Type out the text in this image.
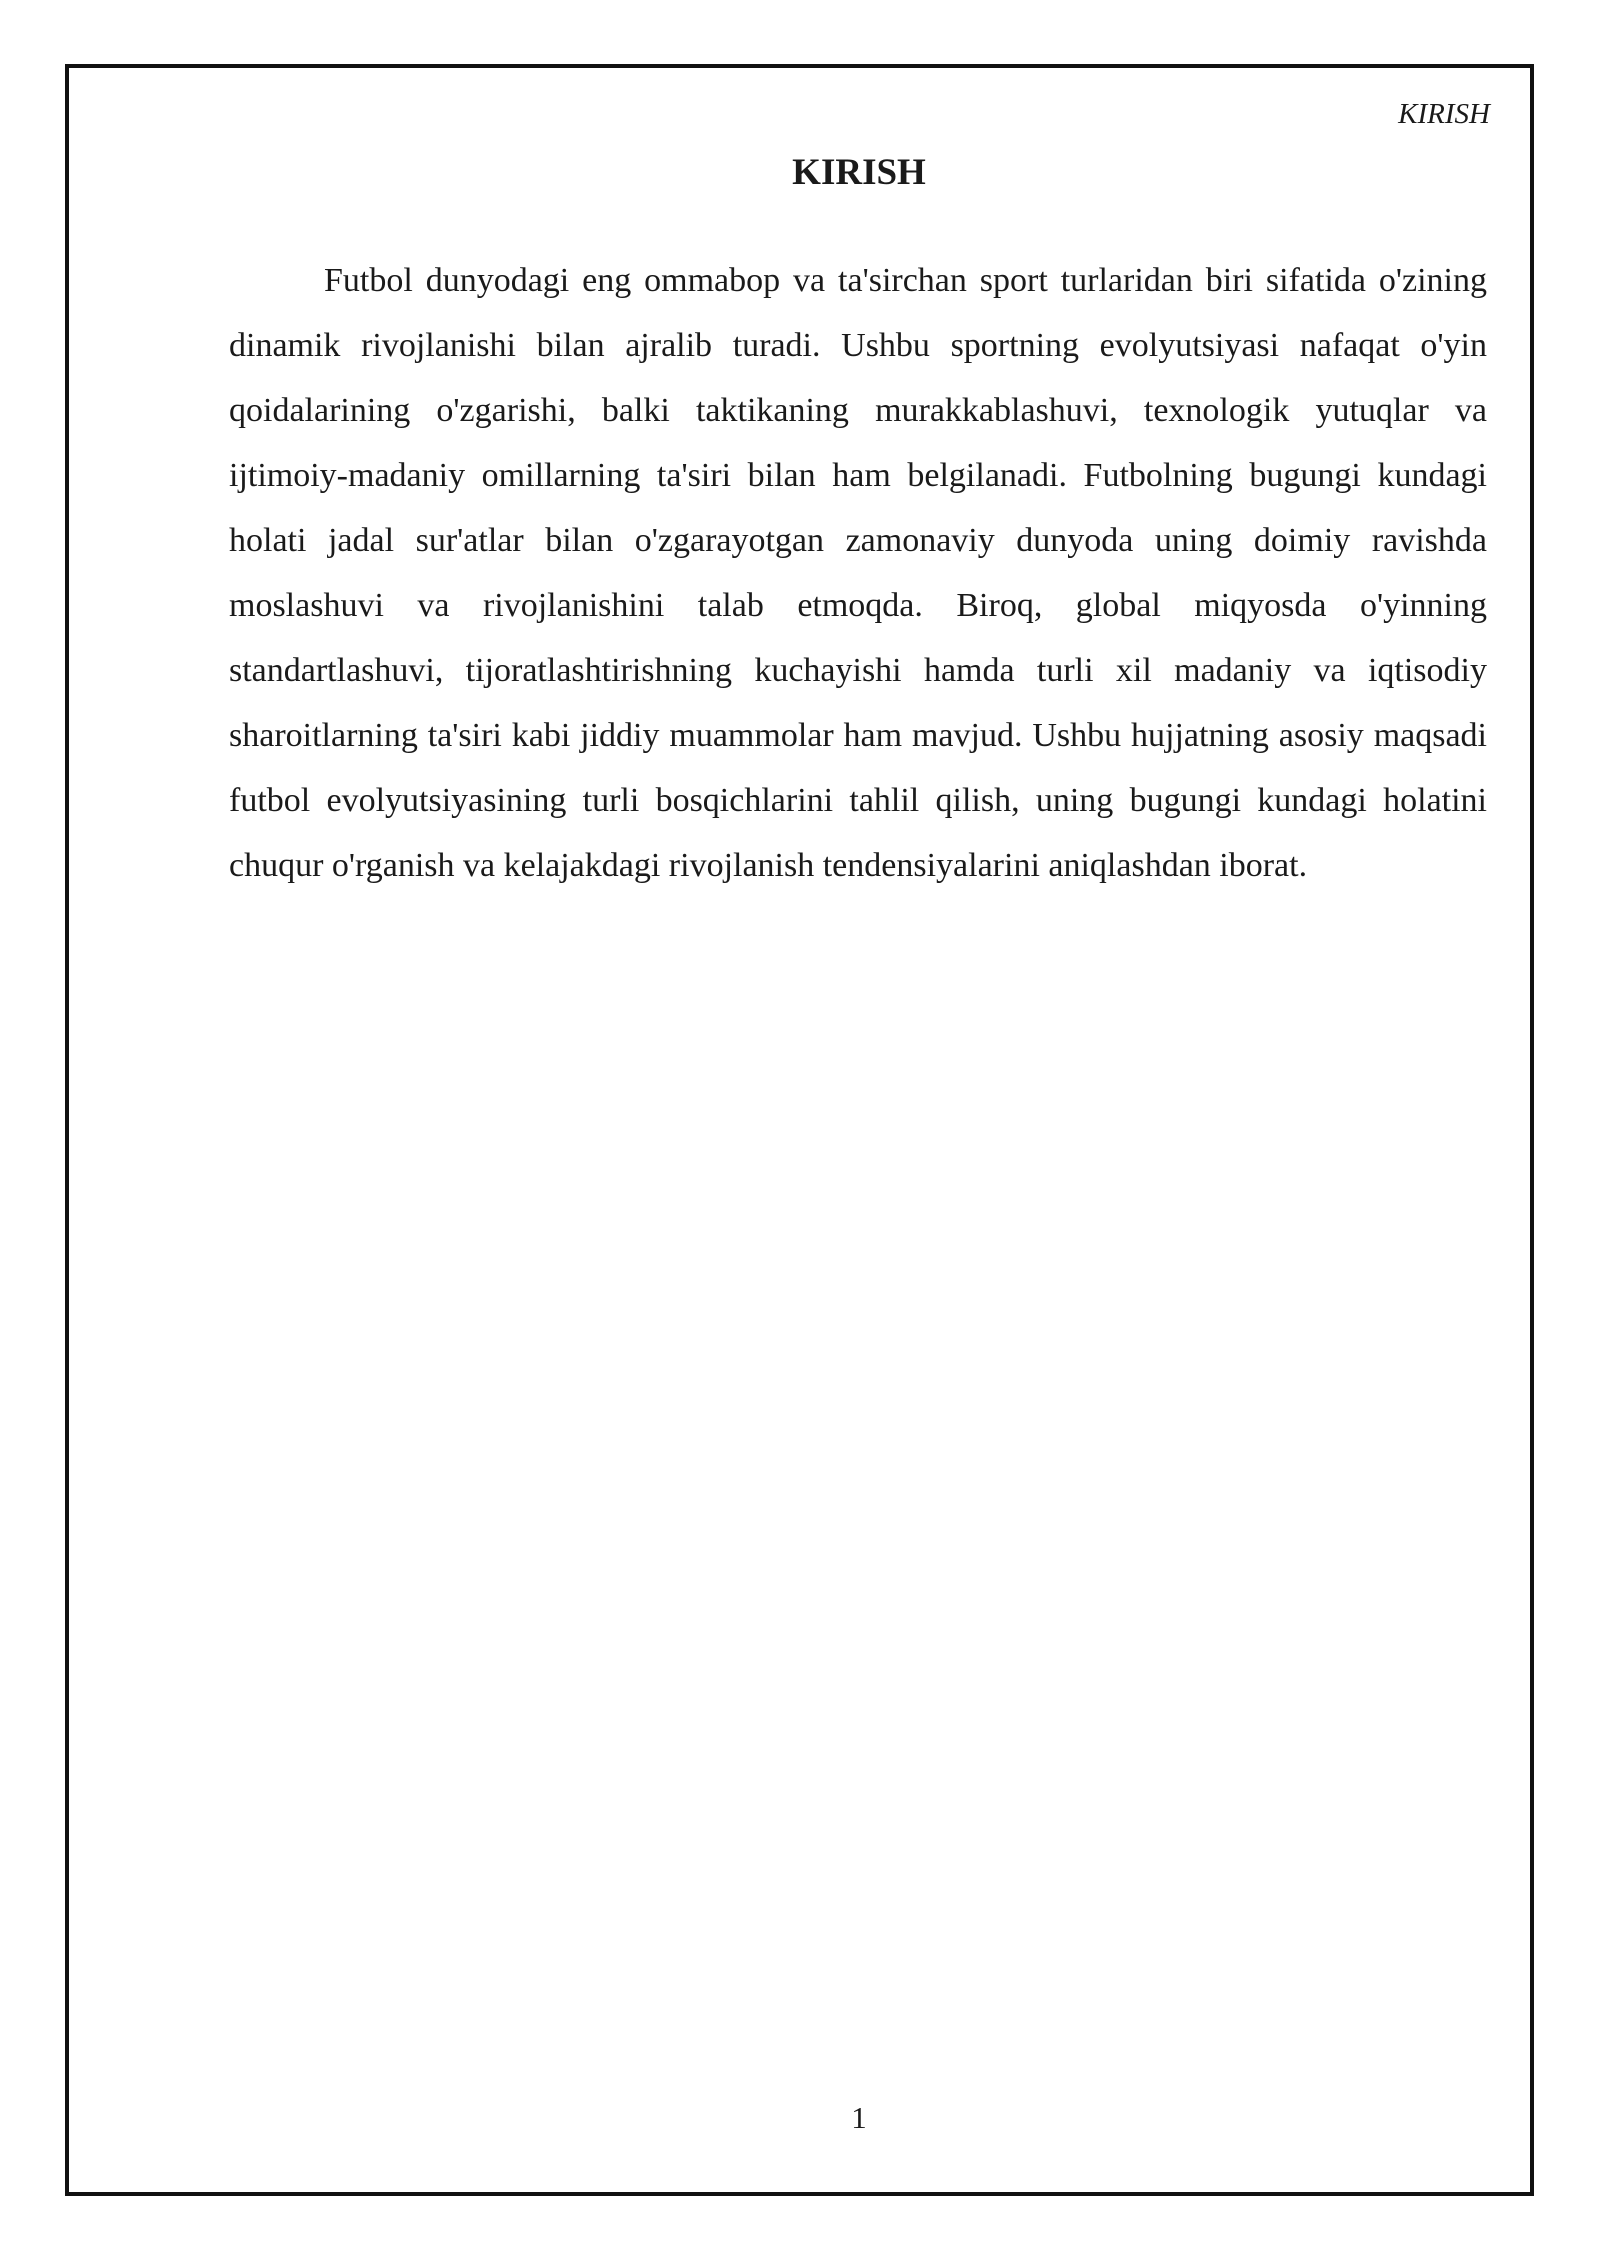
KIRISH
KIRISH

Futbol dunyodagi eng ommabop va ta'sirchan sport turlaridan biri sifatida o'zining dinamik rivojlanishi bilan ajralib turadi. Ushbu sportning evolyutsiyasi nafaqat o'yin qoidalarining o'zgarishi, balki taktikaning murakkablashuvi, texnologik yutuqlar va ijtimoiy-madaniy omillarning ta'siri bilan ham belgilanadi. Futbolning bugungi kundagi holati jadal sur'atlar bilan o'zgarayotgan zamonaviy dunyoda uning doimiy ravishda moslashuvi va rivojlanishini talab etmoqda. Biroq, global miqyosda o'yinning standartlashuvi, tijoratlashtirishning kuchayishi hamda turli xil madaniy va iqtisodiy sharoitlarning ta'siri kabi jiddiy muammolar ham mavjud. Ushbu hujjatning asosiy maqsadi futbol evolyutsiyasining turli bosqichlarini tahlil qilish, uning bugungi kundagi holatini chuqur o'rganish va kelajakdagi rivojlanish tendensiyalarini aniqlashdan iborat.

1
